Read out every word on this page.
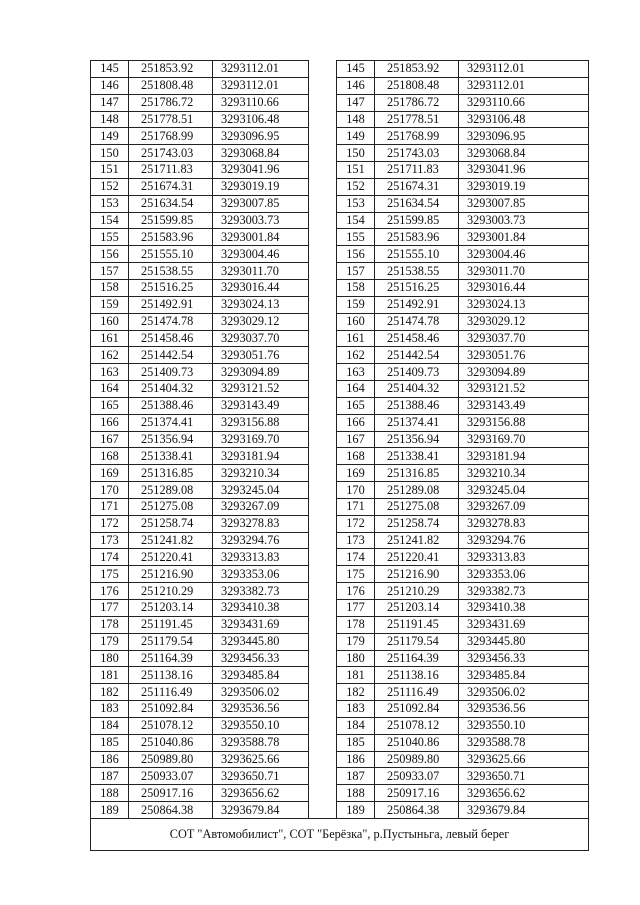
145	251853.92	3293112.01		145	251853.92	3293112.01
146	251808.48	3293112.01		146	251808.48	3293112.01
147	251786.72	3293110.66		147	251786.72	3293110.66
148	251778.51	3293106.48		148	251778.51	3293106.48
149	251768.99	3293096.95		149	251768.99	3293096.95
150	251743.03	3293068.84		150	251743.03	3293068.84
151	251711.83	3293041.96		151	251711.83	3293041.96
152	251674.31	3293019.19		152	251674.31	3293019.19
153	251634.54	3293007.85		153	251634.54	3293007.85
154	251599.85	3293003.73		154	251599.85	3293003.73
155	251583.96	3293001.84		155	251583.96	3293001.84
156	251555.10	3293004.46		156	251555.10	3293004.46
157	251538.55	3293011.70		157	251538.55	3293011.70
158	251516.25	3293016.44		158	251516.25	3293016.44
159	251492.91	3293024.13		159	251492.91	3293024.13
160	251474.78	3293029.12		160	251474.78	3293029.12
161	251458.46	3293037.70		161	251458.46	3293037.70
162	251442.54	3293051.76		162	251442.54	3293051.76
163	251409.73	3293094.89		163	251409.73	3293094.89
164	251404.32	3293121.52		164	251404.32	3293121.52
165	251388.46	3293143.49		165	251388.46	3293143.49
166	251374.41	3293156.88		166	251374.41	3293156.88
167	251356.94	3293169.70		167	251356.94	3293169.70
168	251338.41	3293181.94		168	251338.41	3293181.94
169	251316.85	3293210.34		169	251316.85	3293210.34
170	251289.08	3293245.04		170	251289.08	3293245.04
171	251275.08	3293267.09		171	251275.08	3293267.09
172	251258.74	3293278.83		172	251258.74	3293278.83
173	251241.82	3293294.76		173	251241.82	3293294.76
174	251220.41	3293313.83		174	251220.41	3293313.83
175	251216.90	3293353.06		175	251216.90	3293353.06
176	251210.29	3293382.73		176	251210.29	3293382.73
177	251203.14	3293410.38		177	251203.14	3293410.38
178	251191.45	3293431.69		178	251191.45	3293431.69
179	251179.54	3293445.80		179	251179.54	3293445.80
180	251164.39	3293456.33		180	251164.39	3293456.33
181	251138.16	3293485.84		181	251138.16	3293485.84
182	251116.49	3293506.02		182	251116.49	3293506.02
183	251092.84	3293536.56		183	251092.84	3293536.56
184	251078.12	3293550.10		184	251078.12	3293550.10
185	251040.86	3293588.78		185	251040.86	3293588.78
186	250989.80	3293625.66		186	250989.80	3293625.66
187	250933.07	3293650.71		187	250933.07	3293650.71
188	250917.16	3293656.62		188	250917.16	3293656.62
189	250864.38	3293679.84		189	250864.38	3293679.84
СОТ "Автомобилист", СОТ "Берёзка", р.Пустыньга, левый берег						
